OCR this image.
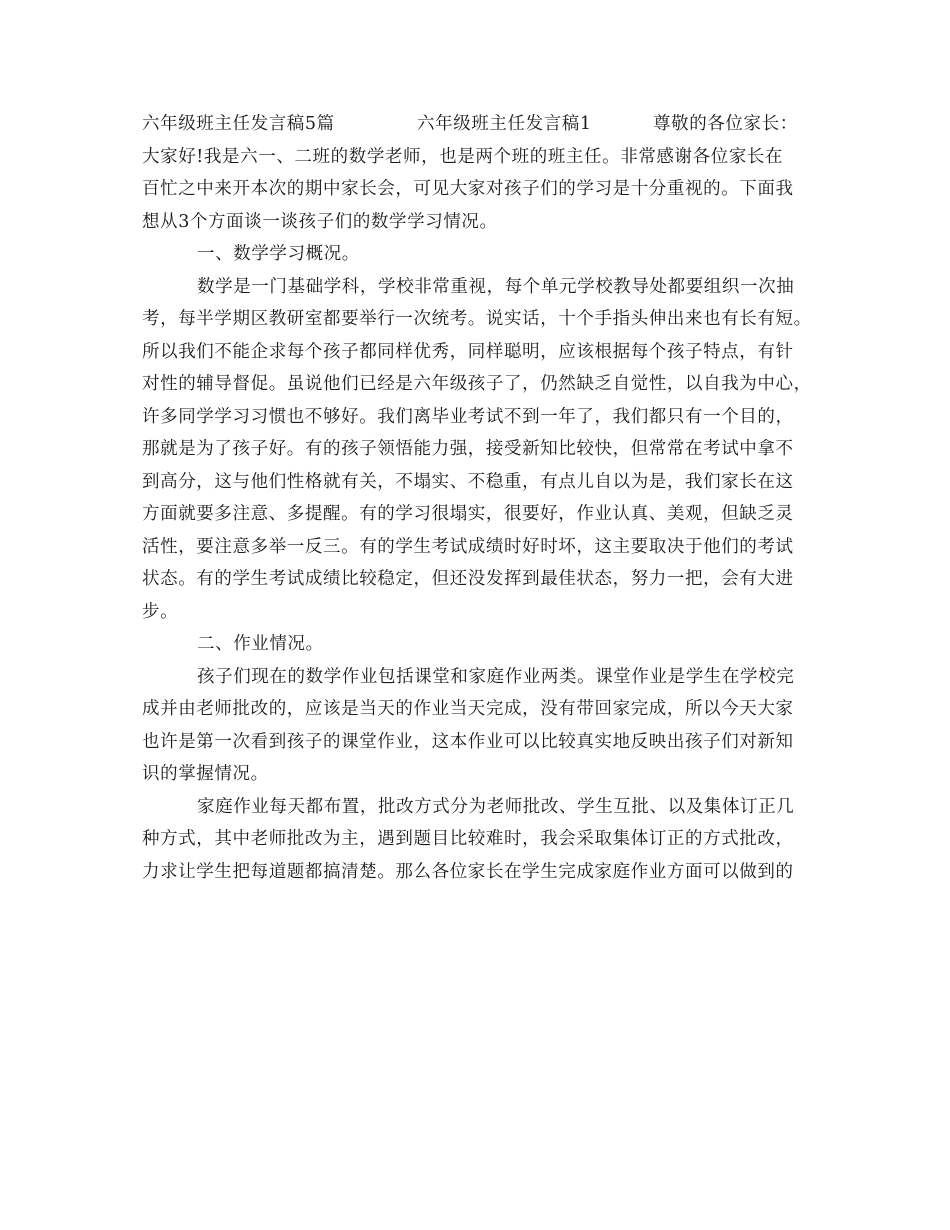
六年级班主任发言稿5篇	六年级班主任发言稿1	尊敬的各位家长：
大家好!我是六一、二班的数学老师，也是两个班的班主任。非常感谢各位家长在
百忙之中来开本次的期中家长会，可见大家对孩子们的学习是十分重视的。下面我
想从3个方面谈一谈孩子们的数学学习情况。
一、数学学习概况。
数学是一门基础学科，学校非常重视，每个单元学校教导处都要组织一次抽
考，每半学期区教研室都要举行一次统考。说实话，十个手指头伸出来也有长有短。
所以我们不能企求每个孩子都同样优秀，同样聪明，应该根据每个孩子特点，有针
对性的辅导督促。虽说他们已经是六年级孩子了，仍然缺乏自觉性，以自我为中心，
许多同学学习习惯也不够好。我们离毕业考试不到一年了，我们都只有一个目的，
那就是为了孩子好。有的孩子领悟能力强，接受新知比较快，但常常在考试中拿不
到高分，这与他们性格就有关，不塌实、不稳重，有点儿自以为是，我们家长在这
方面就要多注意、多提醒。有的学习很塌实，很要好，作业认真、美观，但缺乏灵
活性，要注意多举一反三。有的学生考试成绩时好时坏，这主要取决于他们的考试
状态。有的学生考试成绩比较稳定，但还没发挥到最佳状态，努力一把，会有大进
步。
二、作业情况。
孩子们现在的数学作业包括课堂和家庭作业两类。课堂作业是学生在学校完
成并由老师批改的，应该是当天的作业当天完成，没有带回家完成，所以今天大家
也许是第一次看到孩子的课堂作业，这本作业可以比较真实地反映出孩子们对新知
识的掌握情况。
家庭作业每天都布置，批改方式分为老师批改、学生互批、以及集体订正几
种方式，其中老师批改为主，遇到题目比较难时，我会采取集体订正的方式批改，
力求让学生把每道题都搞清楚。那么各位家长在学生完成家庭作业方面可以做到的
